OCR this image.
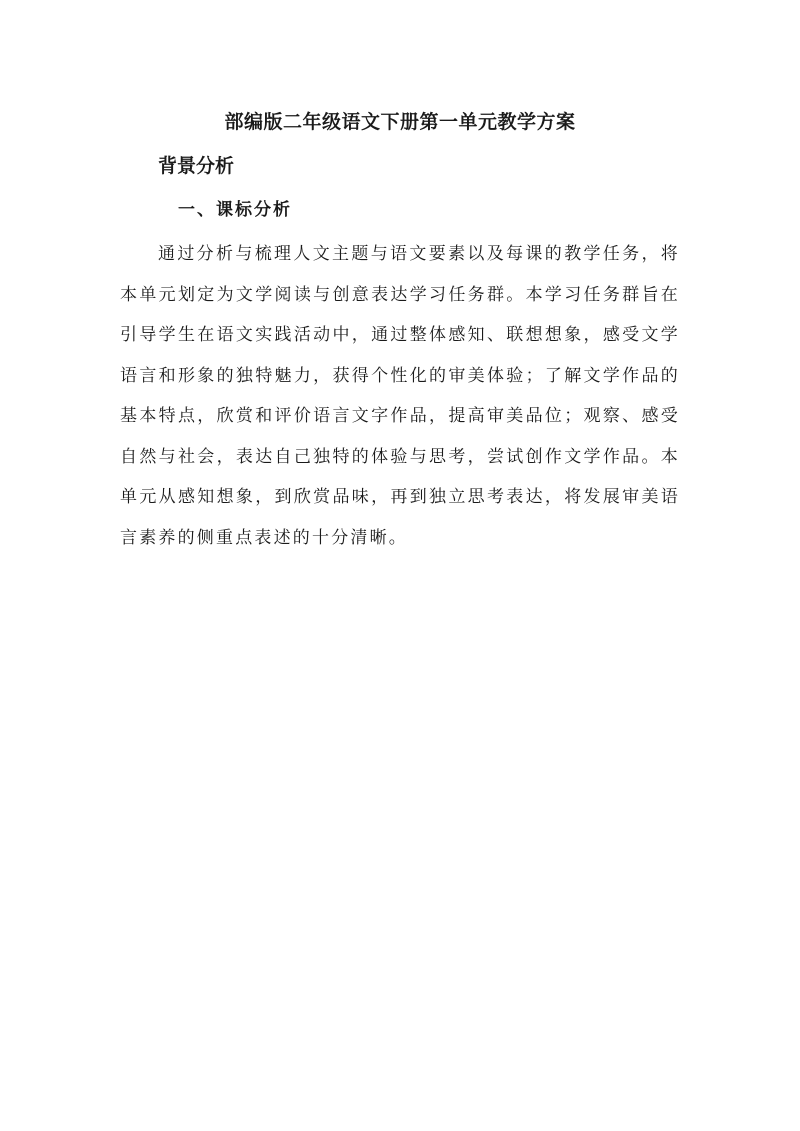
部编版二年级语文下册第一单元教学方案
背景分析
一、课标分析

通过分析与梳理人文主题与语文要素以及每课的教学任务，将本单元划定为文学阅读与创意表达学习任务群。本学习任务群旨在引导学生在语文实践活动中，通过整体感知、联想想象，感受文学语言和形象的独特魅力，获得个性化的审美体验；了解文学作品的基本特点，欣赏和评价语言文字作品，提高审美品位；观察、感受自然与社会，表达自己独特的体验与思考，尝试创作文学作品。本单元从感知想象，到欣赏品味，再到独立思考表达，将发展审美语言素养的侧重点表述的十分清晰。
